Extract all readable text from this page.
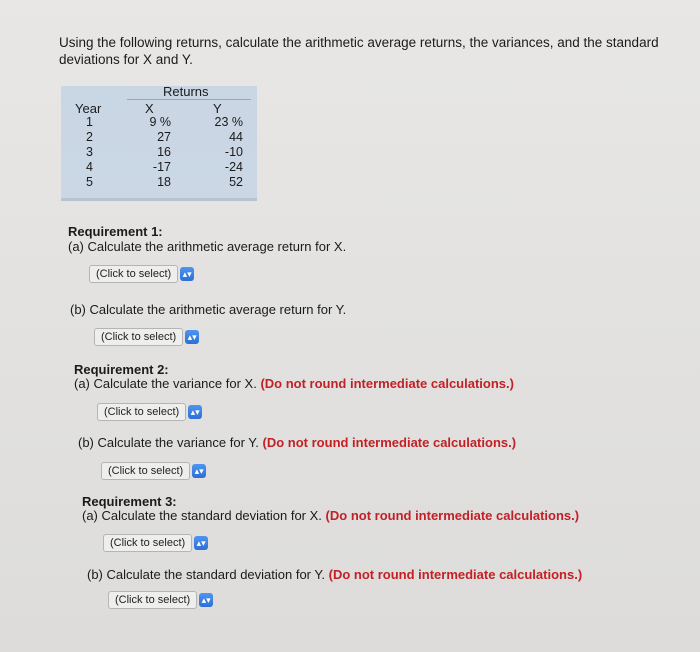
Using the following returns, calculate the arithmetic average returns, the variances, and the standard deviations for X and Y.
Returns
Year	X	Y
1	9 %	23 %
2	27	44
3	16	-10
4	-17	-24
5	18	52
Requirement 1:
(a) Calculate the arithmetic average return for X.
(Click to select)	▴▾
(b) Calculate the arithmetic average return for Y.
(Click to select)	▴▾
Requirement 2:
(a) Calculate the variance for X. (Do not round intermediate calculations.)
(Click to select)	▴▾
(b) Calculate the variance for Y. (Do not round intermediate calculations.)
(Click to select)	▴▾
Requirement 3:
(a) Calculate the standard deviation for X. (Do not round intermediate calculations.)
(Click to select)	▴▾
(b) Calculate the standard deviation for Y. (Do not round intermediate calculations.)
(Click to select)	▴▾
